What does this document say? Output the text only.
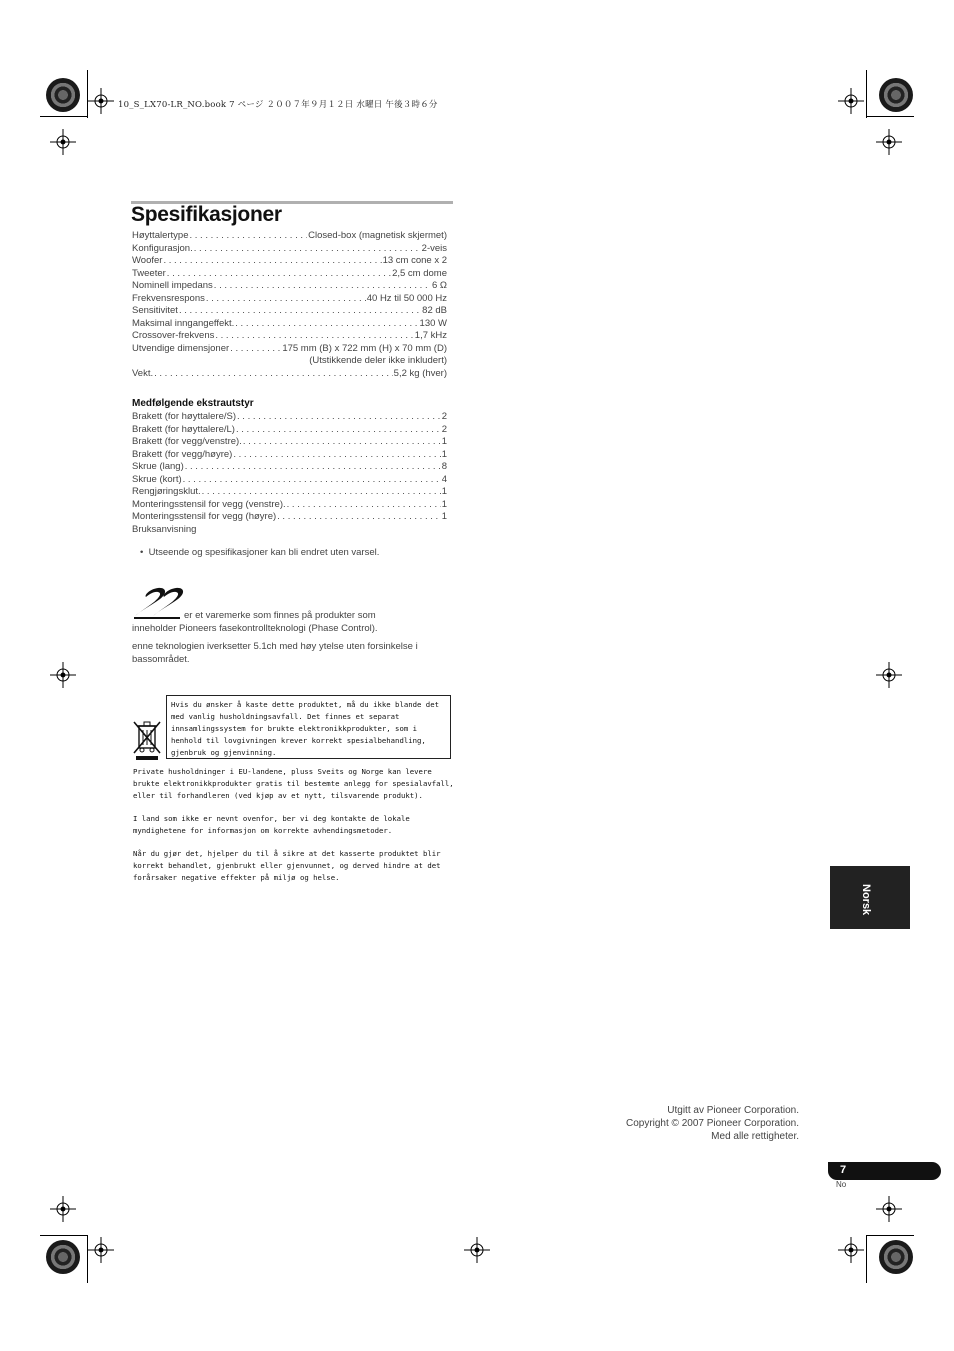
10_S_LX70-LR_NO.book 7 ページ ２００７年９月１２日 水曜日 午後３時６分
Spesifikasjoner
Høyttalertype . . .	Closed-box (magnetisk skjermet)
Konfigurasjon. . . .	2-veis
Woofer . . .	13 cm cone x 2
Tweeter . . .	2,5 cm dome
Nominell impedans . . .	6 Ω
Frekvensrespons . . .	40 Hz til 50 000 Hz
Sensitivitet . . .	82 dB
Maksimal inngangeffekt. . . .	130 W
Crossover-frekvens . . .	1,7 kHz
Utvendige dimensjoner . . .	175 mm (B) x 722 mm (H) x 70 mm (D)
(Utstikkende deler ikke inkludert)
Vekt. . . .	5,2 kg (hver)
Medfølgende ekstrautstyr
Brakett (for høyttalere/S) . . .	2
Brakett (for høyttalere/L) . . .	2
Brakett (for vegg/venstre). . . .	1
Brakett (for vegg/høyre) . . .	1
Skrue (lang) . . .	8
Skrue (kort) . . .	4
Rengjøringsklut. . . .	1
Monteringsstensil for vegg (venstre). . . .	1
Monteringsstensil for vegg (høyre) . . .	1
Bruksanvisning
•  Utseende og spesifikasjoner kan bli endret uten varsel.
er et varemerke som finnes på produkter som
inneholder Pioneers fasekontrollteknologi (Phase Control).
enne teknologien iverksetter 5.1ch med høy ytelse uten forsinkelse i bassområdet.
Hvis du ønsker å kaste dette produktet, må du ikke blande det med vanlig husholdningsavfall. Det finnes et separat innsamlingssystem for brukte elektronikkprodukter, som i henhold til lovgivningen krever korrekt spesialbehandling, gjenbruk og gjenvinning.
Private husholdninger i EU-landene, pluss Sveits og Norge kan levere brukte elektronikkprodukter gratis til bestemte anlegg for spesialavfall, eller til forhandleren (ved kjøp av et nytt, tilsvarende produkt).
I land som ikke er nevnt ovenfor, ber vi deg kontakte de lokale myndighetene for informasjon om korrekte avhendingsmetoder.
Når du gjør det, hjelper du til å sikre at det kasserte produktet blir korrekt behandlet, gjenbrukt eller gjenvunnet, og derved hindre at det forårsaker negative effekter på miljø og helse.
Norsk
Utgitt av Pioneer Corporation.
Copyright © 2007 Pioneer Corporation.
Med alle rettigheter.
7
No
